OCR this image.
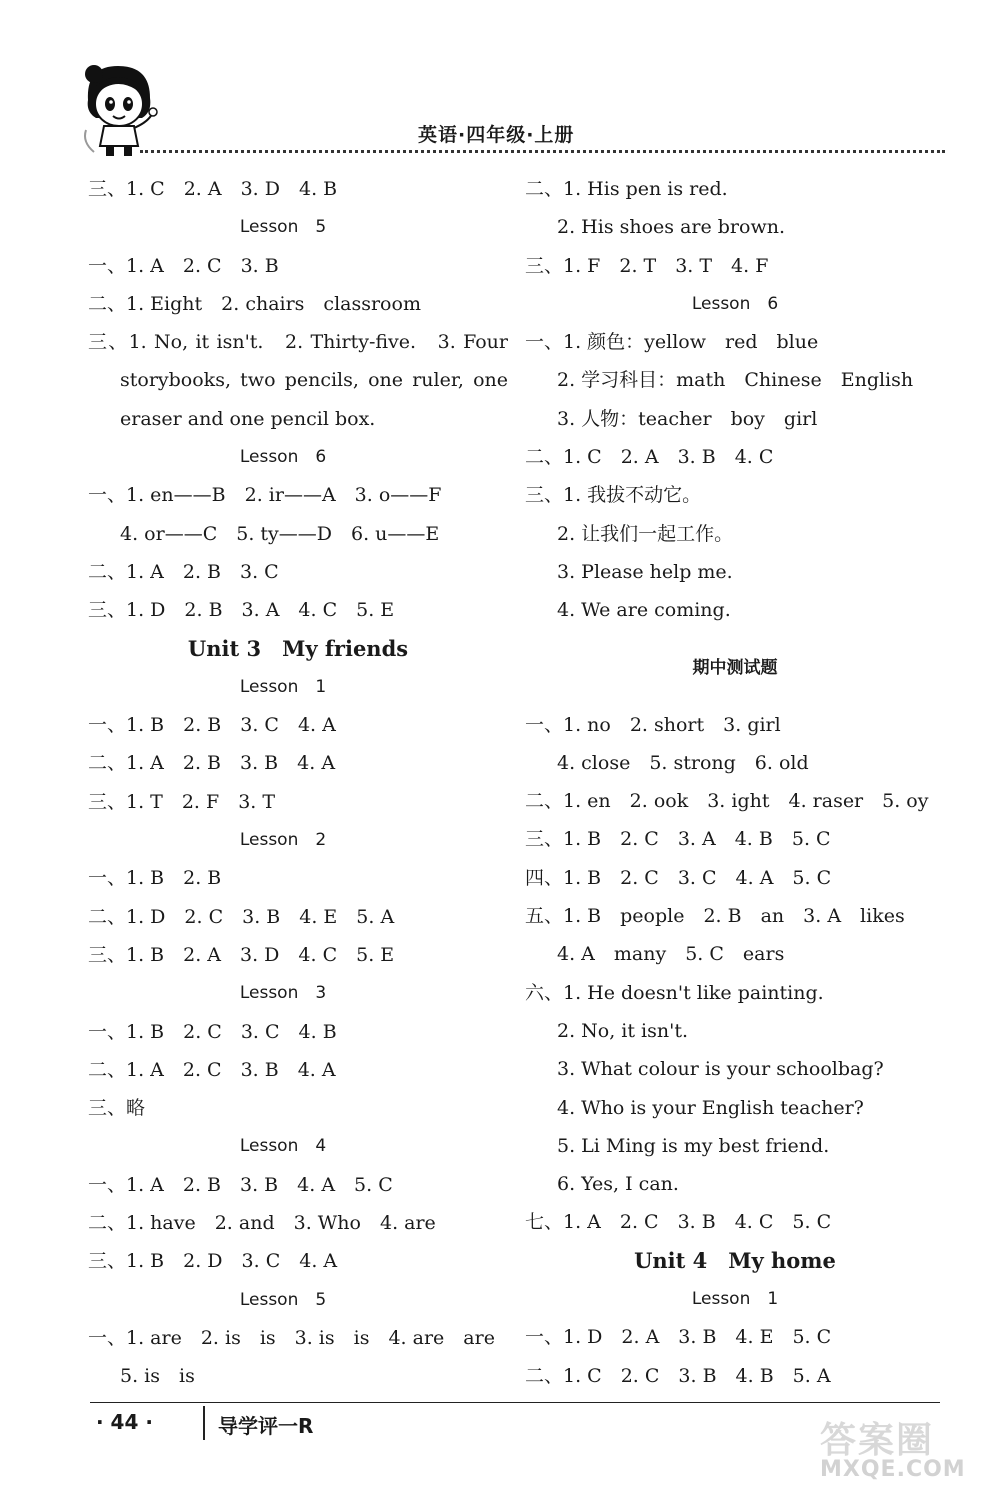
英语·四年级·上册
三、1. C　2. A　3. D　4. B
Lesson　5
一、1. A　2. C　3. B
二、1. Eight　2. chairs　classroom
三、1. No, it isn't.　2. Thirty-five.　3. Four
storybooks, two pencils, one ruler, one
eraser and one pencil box.
Lesson　6
一、1. en——B　2. ir——A　3. o——F
4. or——C　5. ty——D　6. u——E
二、1. A　2. B　3. C
三、1. D　2. B　3. A　4. C　5. E
Unit 3　My friends
Lesson　1
一、1. B　2. B　3. C　4. A
二、1. A　2. B　3. B　4. A
三、1. T　2. F　3. T
Lesson　2
一、1. B　2. B
二、1. D　2. C　3. B　4. E　5. A
三、1. B　2. A　3. D　4. C　5. E
Lesson　3
一、1. B　2. C　3. C　4. B
二、1. A　2. C　3. B　4. A
三、略
Lesson　4
一、1. A　2. B　3. B　4. A　5. C
二、1. have　2. and　3. Who　4. are
三、1. B　2. D　3. C　4. A
Lesson　5
一、1. are　2. is　is　3. is　is　4. are　are
5. is　is
二、1. His pen is red.
2. His shoes are brown.
三、1. F　2. T　3. T　4. F
Lesson　6
一、1. 颜色：yellow　red　blue
2. 学习科目：math　Chinese　English
3. 人物：teacher　boy　girl
二、1. C　2. A　3. B　4. C
三、1. 我拔不动它。
2. 让我们一起工作。
3. Please help me.
4. We are coming.
期中测试题
一、1. no　2. short　3. girl
4. close　5. strong　6. old
二、1. en　2. ook　3. ight　4. raser　5. oy
三、1. B　2. C　3. A　4. B　5. C
四、1. B　2. C　3. C　4. A　5. C
五、1. B　people　2. B　an　3. A　likes
4. A　many　5. C　ears
六、1. He doesn't like painting.
2. No, it isn't.
3. What colour is your schoolbag?
4. Who is your English teacher?
5. Li Ming is my best friend.
6. Yes, I can.
七、1. A　2. C　3. B　4. C　5. C
Unit 4　My home
Lesson　1
一、1. D　2. A　3. B　4. E　5. C
二、1. C　2. C　3. B　4. B　5. A
· 44 ·	导学评一R	答案圈
MXQE.COM
